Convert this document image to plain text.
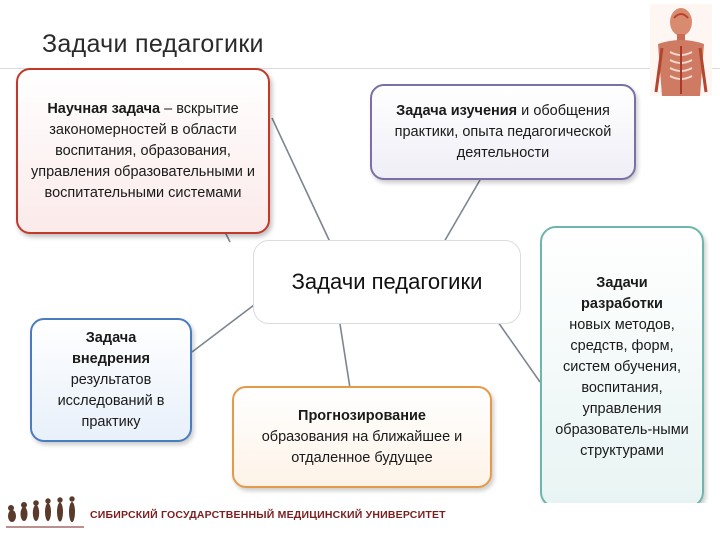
Задачи педагогики
Научная задача – вскрытие закономерностей в области воспитания, образования, управления образовательными и воспитательными системами
Задача изучения и обобщения практики, опыта педагогической деятельности
Задачи педагогики
Задача
внедрения
результатов исследований в практику	Прогнозирование
образования на ближайшее и отдаленное будущее
Задачи
разработки
новых методов, средств, форм, систем обучения, воспитания, управления образователь-ными структурами
СИБИРСКИЙ ГОСУДАРСТВЕННЫЙ МЕДИЦИНСКИЙ УНИВЕРСИТЕТ
